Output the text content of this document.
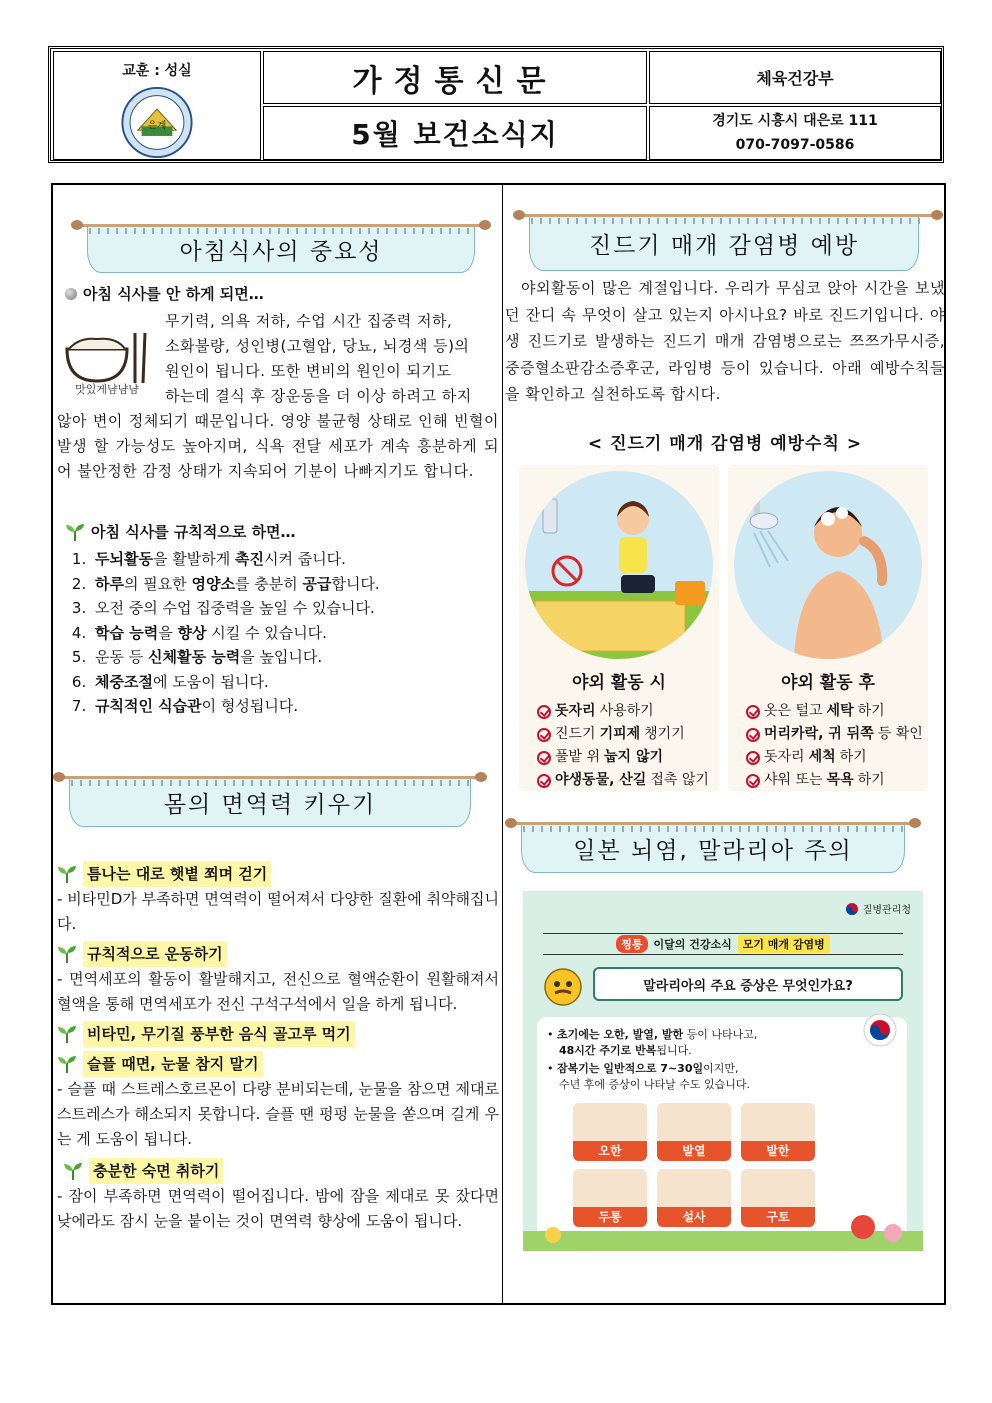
교훈 : 성실
은계
가정통신문
5월 보건소식지
체육건강부
경기도 시흥시 대은로 111
070-7097-0586
아침식사의 중요성
아침 식사를 안 하게 되면…
맛있게냠냠냠
무기력, 의욕 저하, 수업 시간 집중력 저하,
소화불량, 성인병(고혈압, 당뇨, 뇌경색 등)의
원인이 됩니다. 또한 변비의 원인이 되기도
하는데 결식 후 장운동을 더 이상 하려고 하지
않아 변이 정체되기 때문입니다. 영양 불균형 상태로 인해 빈혈이 발생 할 가능성도 높아지며, 식욕 전달 세포가 계속 흥분하게 되어 불안정한 감정 상태가 지속되어 기분이 나빠지기도 합니다.
아침 식사를 규칙적으로 하면…
1. 두뇌활동을 활발하게 촉진시켜 줍니다.
2. 하루의 필요한 영양소를 충분히 공급합니다.
3. 오전 중의 수업 집중력을 높일 수 있습니다.
4. 학습 능력을 향상 시킬 수 있습니다.
5. 운동 등 신체활동 능력을 높입니다.
6. 체중조절에 도움이 됩니다.
7. 규칙적인 식습관이 형성됩니다.
몸의 면역력 키우기
틈나는 대로 햇볕 쬐며 걷기
- 비타민D가 부족하면 면역력이 떨어져서 다양한 질환에 취약해집니다.
규칙적으로 운동하기
- 면역세포의 활동이 활발해지고, 전신으로 혈액순환이 원활해져서 혈액을 통해 면역세포가 전신 구석구석에서 일을 하게 됩니다.
비타민, 무기질 풍부한 음식 골고루 먹기
슬플 때면, 눈물 참지 말기
- 슬플 때 스트레스호르몬이 다량 분비되는데, 눈물을 참으면 제대로 스트레스가 해소되지 못합니다. 슬플 땐 펑펑 눈물을 쏟으며 길게 우는 게 도움이 됩니다.
충분한 숙면 취하기
- 잠이 부족하면 면역력이 떨어집니다. 밤에 잠을 제대로 못 잤다면 낮에라도 잠시 눈을 붙이는 것이 면역력 향상에 도움이 됩니다.
진드기 매개 감염병 예방
야외활동이 많은 계절입니다. 우리가 무심코 앉아 시간을 보냈던 잔디 속 무엇이 살고 있는지 아시나요? 바로 진드기입니다. 야생 진드기로 발생하는 진드기 매개 감염병으로는 쯔쯔가무시증, 중증혈소판감소증후군, 라임병 등이 있습니다. 아래 예방수칙들을 확인하고 실천하도록 합시다.
< 진드기 매개 감염병 예방수칙 >
야외 활동 시
돗자리 사용하기
진드기 기피제 챙기기
풀밭 위 눕지 않기
야생동물, 산길 접촉 않기
야외 활동 후
옷은 털고 세탁 하기
머리카락, 귀 뒤쪽 등 확인
돗자리 세척 하기
샤워 또는 목욕 하기
일본 뇌염, 말라리아 주의
질병관리청
찡통	이달의 건강소식	모기 매개 감염병
말라리아의 주요 증상은 무엇인가요?

• 초기에는 오한, 발열, 발한 등이 나타나고,

48시간 주기로 반복됩니다.

• 잠복기는 일반적으로 7~30일이지만,

수년 후에 증상이 나타날 수도 있습니다.

오한	발열	발한
두통	설사	구토
